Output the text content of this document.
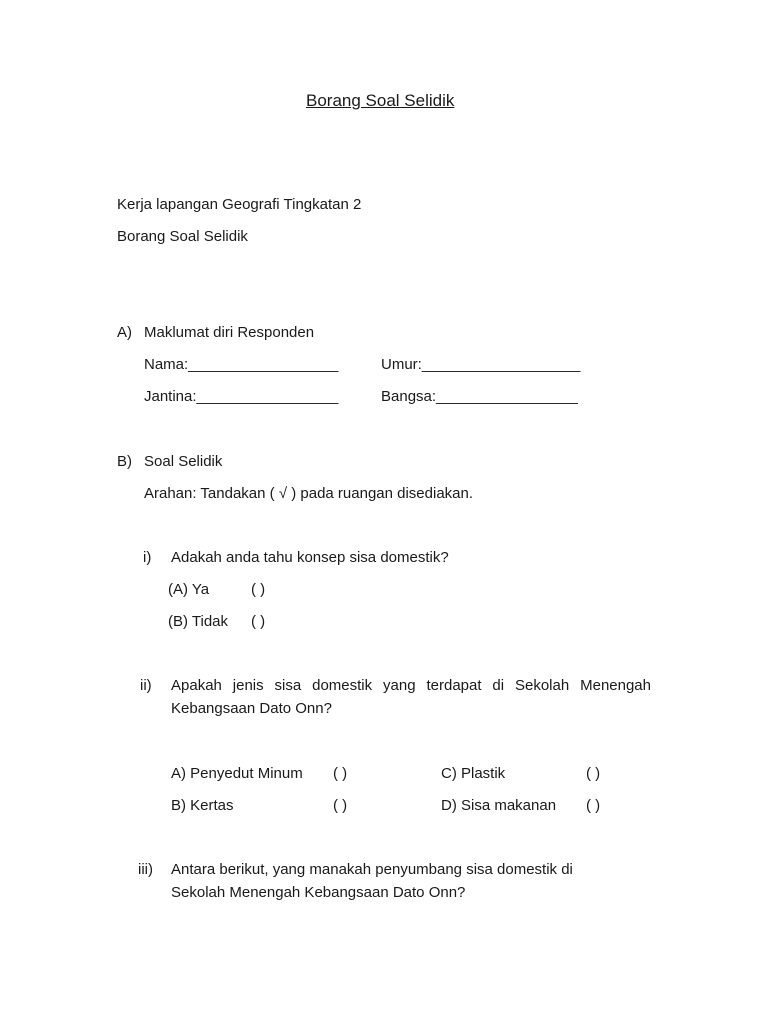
Borang Soal Selidik
Kerja lapangan Geografi Tingkatan 2
Borang Soal Selidik
A) Maklumat diri Responden
Nama:__________________	Umur:___________________
Jantina:_________________	Bangsa:_________________
B) Soal Selidik
Arahan: Tandakan ( √ ) pada ruangan disediakan.
i) Adakah anda tahu konsep sisa domestik?
(A) Ya	( )
(B) Tidak ( )
ii) Apakah jenis sisa domestik yang terdapat di Sekolah Menengah
Kebangsaan Dato Onn?
A) Penyedut Minum ( )
B) Kertas	( )
C) Plastik	( )
D) Sisa makanan ( )
iii) Antara berikut, yang manakah penyumbang sisa domestik di
Sekolah Menengah Kebangsaan Dato Onn?
